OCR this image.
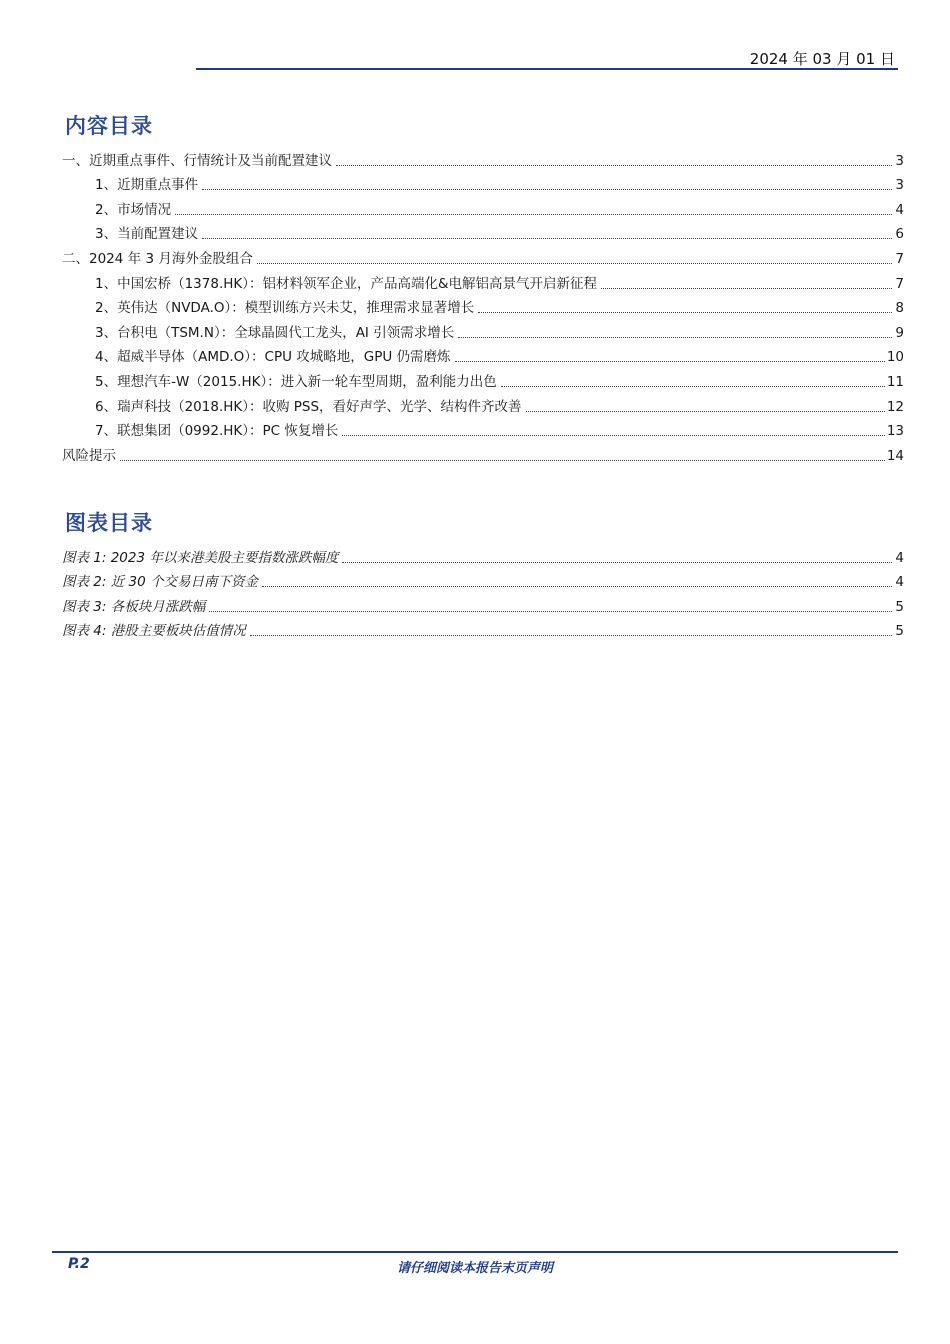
2024 年 03 月 01 日
内容目录
一、近期重点事件、行情统计及当前配置建议	3
1、近期重点事件	3
2、市场情况	4
3、当前配置建议	6
二、2024 年 3 月海外金股组合	7
1、中国宏桥（1378.HK）：铝材料领军企业，产品高端化&电解铝高景气开启新征程	7
2、英伟达（NVDA.O）：模型训练方兴未艾，推理需求显著增长	8
3、台积电（TSM.N）：全球晶圆代工龙头，AI 引领需求增长	9
4、超威半导体（AMD.O）：CPU 攻城略地，GPU 仍需磨炼	10
5、理想汽车-W（2015.HK）：进入新一轮车型周期，盈利能力出色	11
6、瑞声科技（2018.HK）：收购 PSS，看好声学、光学、结构件齐改善	12
7、联想集团（0992.HK）：PC 恢复增长	13
风险提示	14
图表目录
图表 1: 2023 年以来港美股主要指数涨跌幅度	4
图表 2: 近 30 个交易日南下资金	4
图表 3: 各板块月涨跌幅	5
图表 4: 港股主要板块估值情况	5
P.2	请仔细阅读本报告末页声明
